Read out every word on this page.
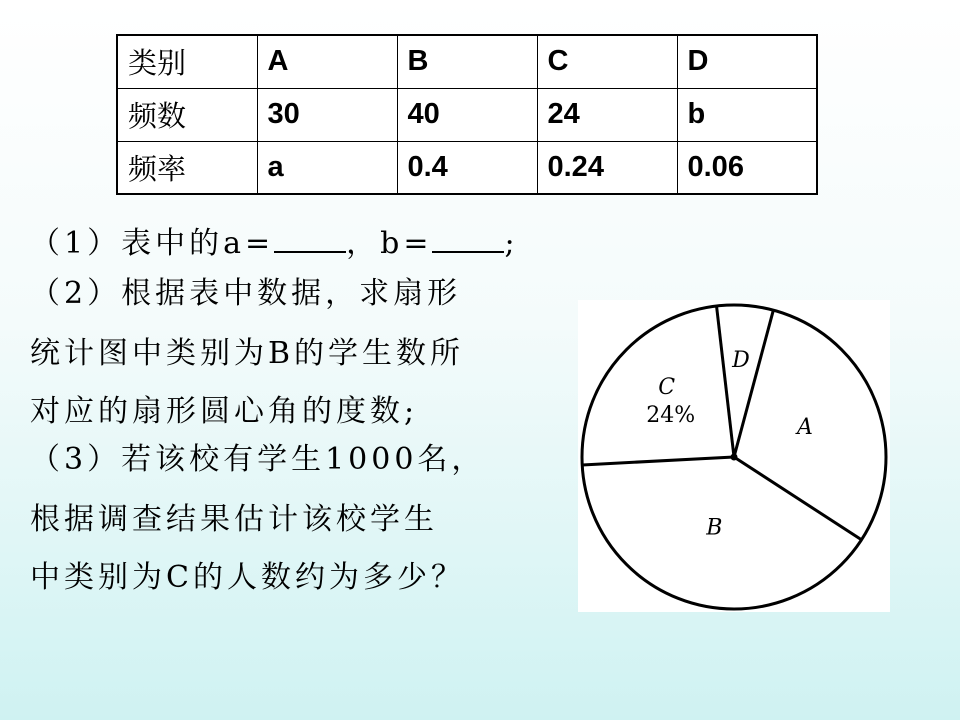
类别	A	B	C	D
频数	30	40	24	b
频率	a	0.4	0.24	0.06
（1）表中的a= ，b= ;
（2）根据表中数据，求扇形
统计图中类别为B的学生数所
对应的扇形圆心角的度数;
（3）若该校有学生1000名，
根据调查结果估计该校学生
中类别为C的人数约为多少？
A
B
C
24%
D
